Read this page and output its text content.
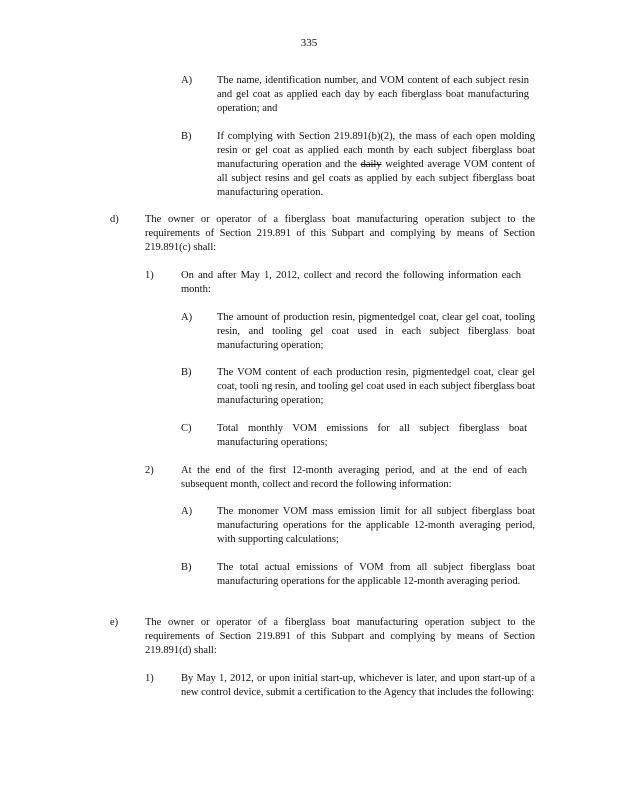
335
A) The name, identification number, and VOM content of each subject resin and gel coat as applied each day by each fiberglass boat manufacturing operation; and
B) If complying with Section 219.891(b)(2), the mass of each open molding resin or gel coat as applied each month by each subject fiberglass boat manufacturing operation and the daily weighted average VOM content of all subject resins and gel coats as applied by each subject fiberglass boat manufacturing operation.
d)	The owner or operator of a fiberglass boat manufacturing operation subject to the requirements of Section 219.891 of this Subpart and complying by means of Section 219.891(c) shall:
1)	On and after May 1, 2012, collect and record the following information each month:
A) The amount of production resin, pigmentedgel coat, clear gel coat, tooling resin, and tooling gel coat used in each subject fiberglass boat manufacturing operation;
B) The VOM content of each production resin, pigmentedgel coat, clear gel coat, tooli ng resin, and tooling gel coat used in each subject fiberglass boat manufacturing operation;
C) Total monthly VOM emissions for all subject fiberglass boat manufacturing operations;
2)	At the end of the first 12-month averaging period, and at the end of each subsequent month, collect and record the following information:
A) The monomer VOM mass emission limit for all subject fiberglass boat manufacturing operations for the applicable 12-month averaging period, with supporting calculations;
B) The total actual emissions of VOM from all subject fiberglass boat manufacturing operations for the applicable 12-month averaging period.
e)	The owner or operator of a fiberglass boat manufacturing operation subject to the requirements of Section 219.891 of this Subpart and complying by means of Section 219.891(d) shall:
1)	By May 1, 2012, or upon initial start-up, whichever is later, and upon start-up of a new control device, submit a certification to the Agency that includes the following:
